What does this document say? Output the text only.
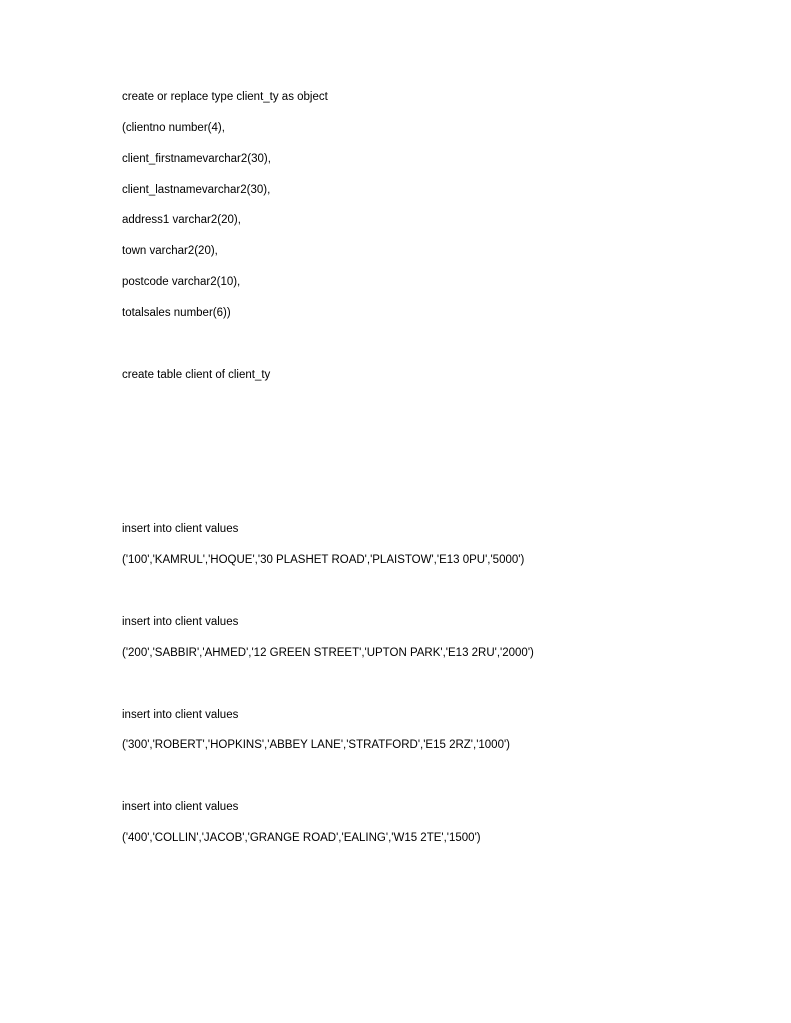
create or replace type client_ty as object
(clientno number(4),
client_firstnamevarchar2(30),
client_lastnamevarchar2(30),
address1 varchar2(20),
town varchar2(20),
postcode varchar2(10),
totalsales number(6))
create table client of client_ty
insert into client values
('100','KAMRUL','HOQUE','30 PLASHET ROAD','PLAISTOW','E13 0PU','5000')
insert into client values
('200','SABBIR','AHMED','12 GREEN STREET','UPTON PARK','E13 2RU','2000')
insert into client values
('300','ROBERT','HOPKINS','ABBEY LANE','STRATFORD','E15 2RZ','1000')
insert into client values
('400','COLLIN','JACOB','GRANGE ROAD','EALING','W15 2TE','1500')
